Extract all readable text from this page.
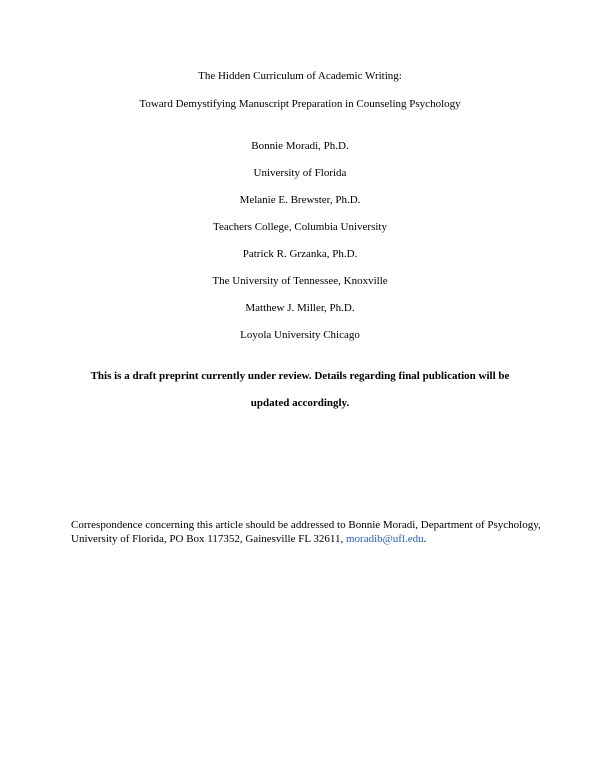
The Hidden Curriculum of Academic Writing:
Toward Demystifying Manuscript Preparation in Counseling Psychology
Bonnie Moradi, Ph.D.
University of Florida
Melanie E. Brewster, Ph.D.
Teachers College, Columbia University
Patrick R. Grzanka, Ph.D.
The University of Tennessee, Knoxville
Matthew J. Miller, Ph.D.
Loyola University Chicago
This is a draft preprint currently under review. Details regarding final publication will be
updated accordingly.
Correspondence concerning this article should be addressed to Bonnie Moradi, Department of Psychology, University of Florida, PO Box 117352, Gainesville FL 32611, moradib@ufl.edu.
